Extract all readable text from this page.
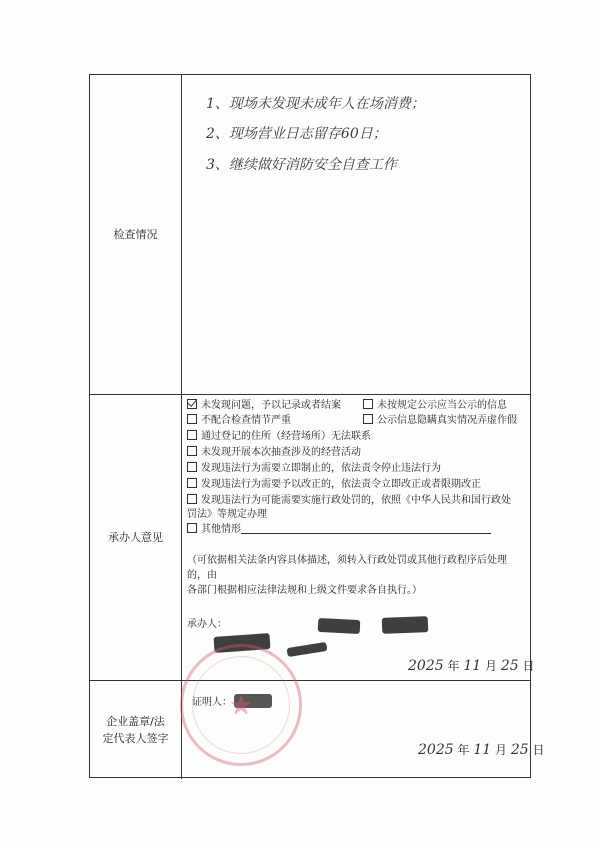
检查情况
1、现场未发现未成年人在场消费；
2、现场营业日志留存60日；
3、继续做好消防安全自查工作
承办人意见
未发现问题，予以记录或者结案	未按规定公示应当公示的信息
不配合检查情节严重	公示信息隐瞒真实情况弄虚作假
通过登记的住所（经营场所）无法联系
未发现开展本次抽查涉及的经营活动
发现违法行为需要立即制止的，依法责令停止违法行为
发现违法行为需要予以改正的，依法责令立即改正或者限期改正
发现违法行为可能需要实施行政处罚的，依照《中华人民共和国行政处
罚法》等规定办理
其他情形
（可依据相关法条内容具体描述，须转入行政处罚或其他行政程序后处理
的，由
各部门根据相应法律法规和上级文件要求各自执行。）
承办人：
2025 年 11 月 25 日
企业盖章/法
定代表人签字
证明人：
2025 年 11 月 25 日
★
